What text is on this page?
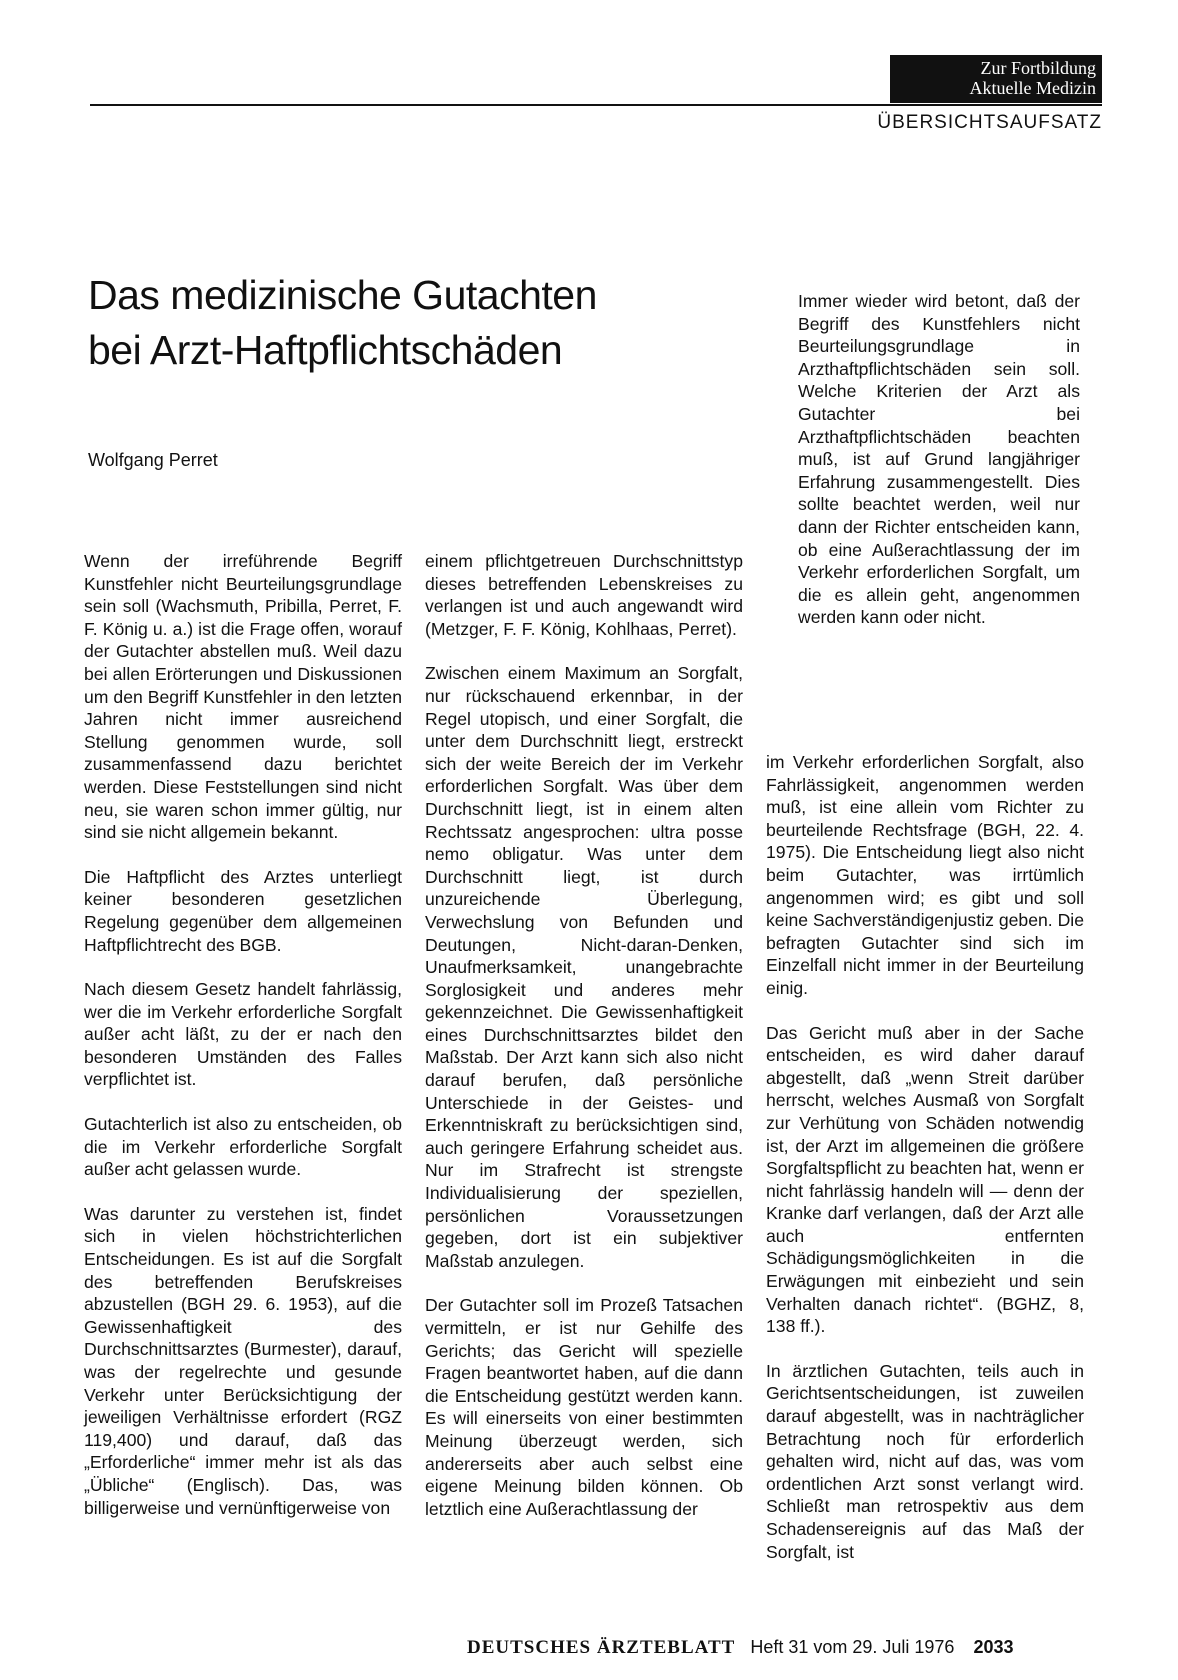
Zur Fortbildung
Aktuelle Medizin
ÜBERSICHTSAUFSATZ
Das medizinische Gutachten
bei Arzt-Haftpflichtschäden
Wolfgang Perret

Immer wieder wird betont, daß der Begriff des Kunstfehlers nicht Beurteilungsgrundlage in Arzthaftpflichtschäden sein soll. Welche Kriterien der Arzt als Gutachter bei Arzthaftpflichtschäden beachten muß, ist auf Grund langjähriger Erfahrung zusammengestellt. Dies sollte beachtet werden, weil nur dann der Richter entscheiden kann, ob eine Außerachtlassung der im Verkehr erforderlichen Sorgfalt, um die es allein geht, angenommen werden kann oder nicht.

Wenn der irreführende Begriff Kunstfehler nicht Beurteilungsgrundlage sein soll (Wachsmuth, Pribilla, Perret, F. F. König u. a.) ist die Frage offen, worauf der Gutachter abstellen muß. Weil dazu bei allen Erörterungen und Diskussionen um den Begriff Kunstfehler in den letzten Jahren nicht immer ausreichend Stellung genommen wurde, soll zusammenfassend dazu berichtet werden. Diese Feststellungen sind nicht neu, sie waren schon immer gültig, nur sind sie nicht allgemein bekannt.

Die Haftpflicht des Arztes unterliegt keiner besonderen gesetzlichen Regelung gegenüber dem allgemeinen Haftpflichtrecht des BGB.

Nach diesem Gesetz handelt fahrlässig, wer die im Verkehr erforderliche Sorgfalt außer acht läßt, zu der er nach den besonderen Umständen des Falles verpflichtet ist.

Gutachterlich ist also zu entscheiden, ob die im Verkehr erforderliche Sorgfalt außer acht gelassen wurde.

Was darunter zu verstehen ist, findet sich in vielen höchstrichterlichen Entscheidungen. Es ist auf die Sorgfalt des betreffenden Berufskreises abzustellen (BGH 29. 6. 1953), auf die Gewissenhaftigkeit des Durchschnittsarztes (Burmester), darauf, was der regelrechte und gesunde Verkehr unter Berücksichtigung der jeweiligen Verhältnisse erfordert (RGZ 119,400) und darauf, daß das „Erforderliche“ immer mehr ist als das „Übliche“ (Englisch). Das, was billigerweise und vernünftigerweise von

einem pflichtgetreuen Durchschnittstyp dieses betreffenden Lebenskreises zu verlangen ist und auch angewandt wird (Metzger, F. F. König, Kohlhaas, Perret).

Zwischen einem Maximum an Sorgfalt, nur rückschauend erkennbar, in der Regel utopisch, und einer Sorgfalt, die unter dem Durchschnitt liegt, erstreckt sich der weite Bereich der im Verkehr erforderlichen Sorgfalt. Was über dem Durchschnitt liegt, ist in einem alten Rechtssatz angesprochen: ultra posse nemo obligatur. Was unter dem Durchschnitt liegt, ist durch unzureichende Überlegung, Verwechslung von Befunden und Deutungen, Nicht-daran-Denken, Unaufmerksamkeit, unangebrachte Sorglosigkeit und anderes mehr gekennzeichnet. Die Gewissenhaftigkeit eines Durchschnittsarztes bildet den Maßstab. Der Arzt kann sich also nicht darauf berufen, daß persönliche Unterschiede in der Geistes- und Erkenntniskraft zu berücksichtigen sind, auch geringere Erfahrung scheidet aus. Nur im Strafrecht ist strengste Individualisierung der speziellen, persönlichen Voraussetzungen gegeben, dort ist ein subjektiver Maßstab anzulegen.

Der Gutachter soll im Prozeß Tatsachen vermitteln, er ist nur Gehilfe des Gerichts; das Gericht will spezielle Fragen beantwortet haben, auf die dann die Entscheidung gestützt werden kann. Es will einerseits von einer bestimmten Meinung überzeugt werden, sich andererseits aber auch selbst eine eigene Meinung bilden können. Ob letztlich eine Außerachtlassung der

im Verkehr erforderlichen Sorgfalt, also Fahrlässigkeit, angenommen werden muß, ist eine allein vom Richter zu beurteilende Rechtsfrage (BGH, 22. 4. 1975). Die Entscheidung liegt also nicht beim Gutachter, was irrtümlich angenommen wird; es gibt und soll keine Sachverständigenjustiz geben. Die befragten Gutachter sind sich im Einzelfall nicht immer in der Beurteilung einig.

Das Gericht muß aber in der Sache entscheiden, es wird daher darauf abgestellt, daß „wenn Streit darüber herrscht, welches Ausmaß von Sorgfalt zur Verhütung von Schäden notwendig ist, der Arzt im allgemeinen die größere Sorgfaltspflicht zu beachten hat, wenn er nicht fahrlässig handeln will — denn der Kranke darf verlangen, daß der Arzt alle auch entfernten Schädigungsmöglichkeiten in die Erwägungen mit einbezieht und sein Verhalten danach richtet“. (BGHZ, 8, 138 ff.).

In ärztlichen Gutachten, teils auch in Gerichtsentscheidungen, ist zuweilen darauf abgestellt, was in nachträglicher Betrachtung noch für erforderlich gehalten wird, nicht auf das, was vom ordentlichen Arzt sonst verlangt wird. Schließt man retrospektiv aus dem Schadensereignis auf das Maß der Sorgfalt, ist

DEUTSCHES ÄRZTEBLATT Heft 31 vom 29. Juli 1976 2033
